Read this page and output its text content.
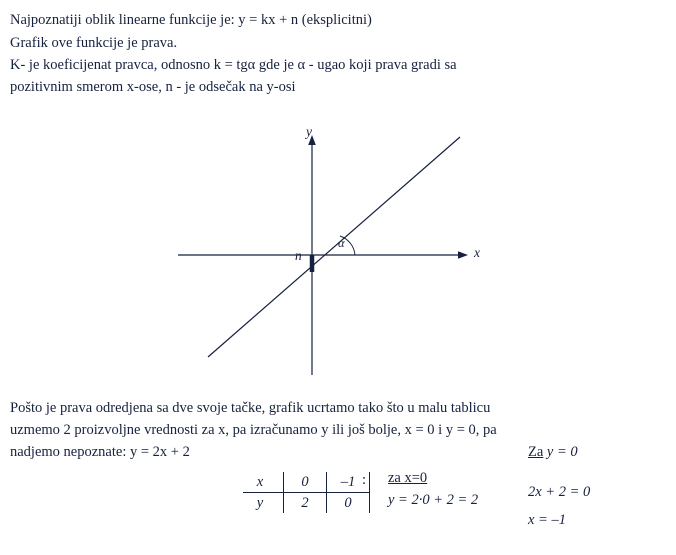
Najpoznatiji oblik linearne funkcije je: y = kx + n (eksplicitni)
Grafik ove funkcije je prava.
K- je koeficijenat pravca, odnosno k = tgα gde je α - ugao koji prava gradi sa
pozitivnim smerom x-ose, n - je odsečak na y-osi
y
x
n
α
Pošto je prava odredjena sa dve svoje tačke, grafik ucrtamo tako što u malu tablicu
uzmemo 2 proizvoljne vrednosti za x, pa izračunamo y ili još bolje, x = 0 i y = 0, pa
nadjemo nepoznate: y = 2x + 2
x	0	–1
y	2	0
: za x=0
y = 2·0 + 2 = 2
Za y = 0
2x + 2 = 0
x = –1
